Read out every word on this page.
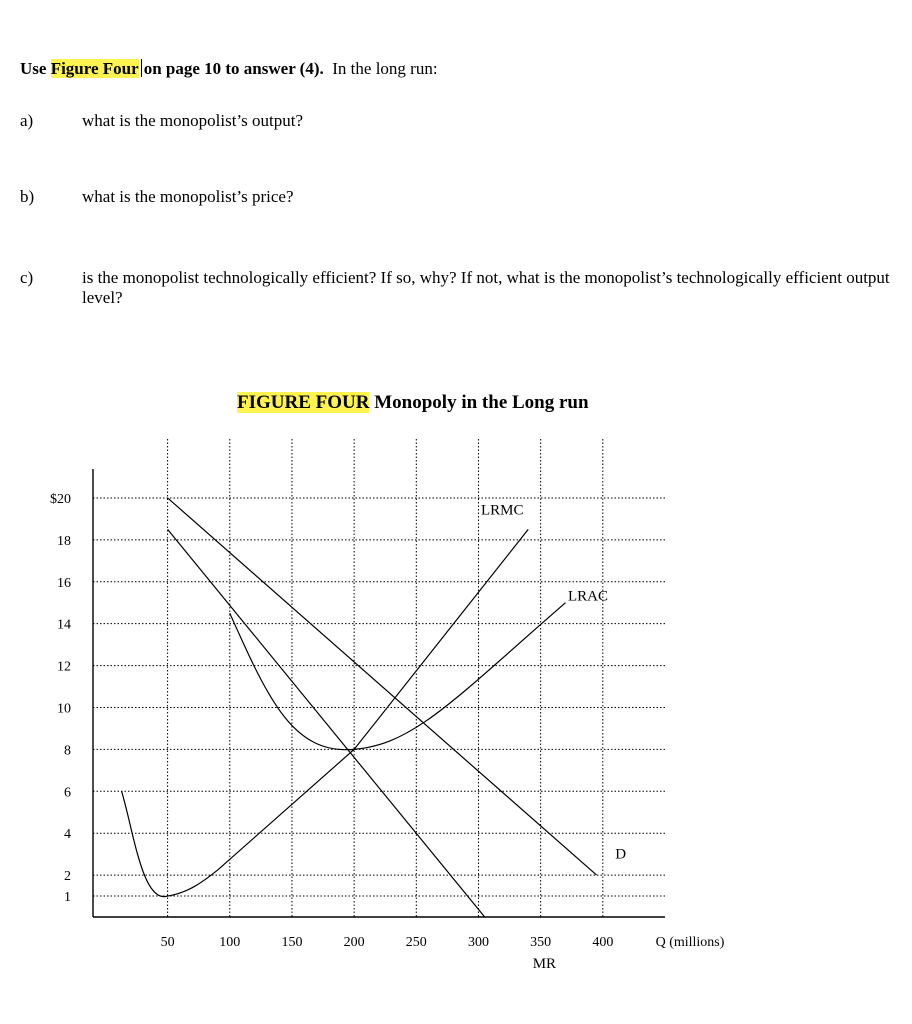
Use Figure Four on page 10 to answer (4). In the long run:
a)	what is the monopolist’s output?
b)	what is the monopolist’s price?
c)	is the monopolist technologically efficient? If so, why? If not, what is the monopolist’s technologically efficient output level?
FIGURE FOUR Monopoly in the Long run
1
2
4
6
8
10
12
14
16
18
$20
50	100	150	200	250	300	350	400	Q (millions)
LRMC
LRAC
D
MR
